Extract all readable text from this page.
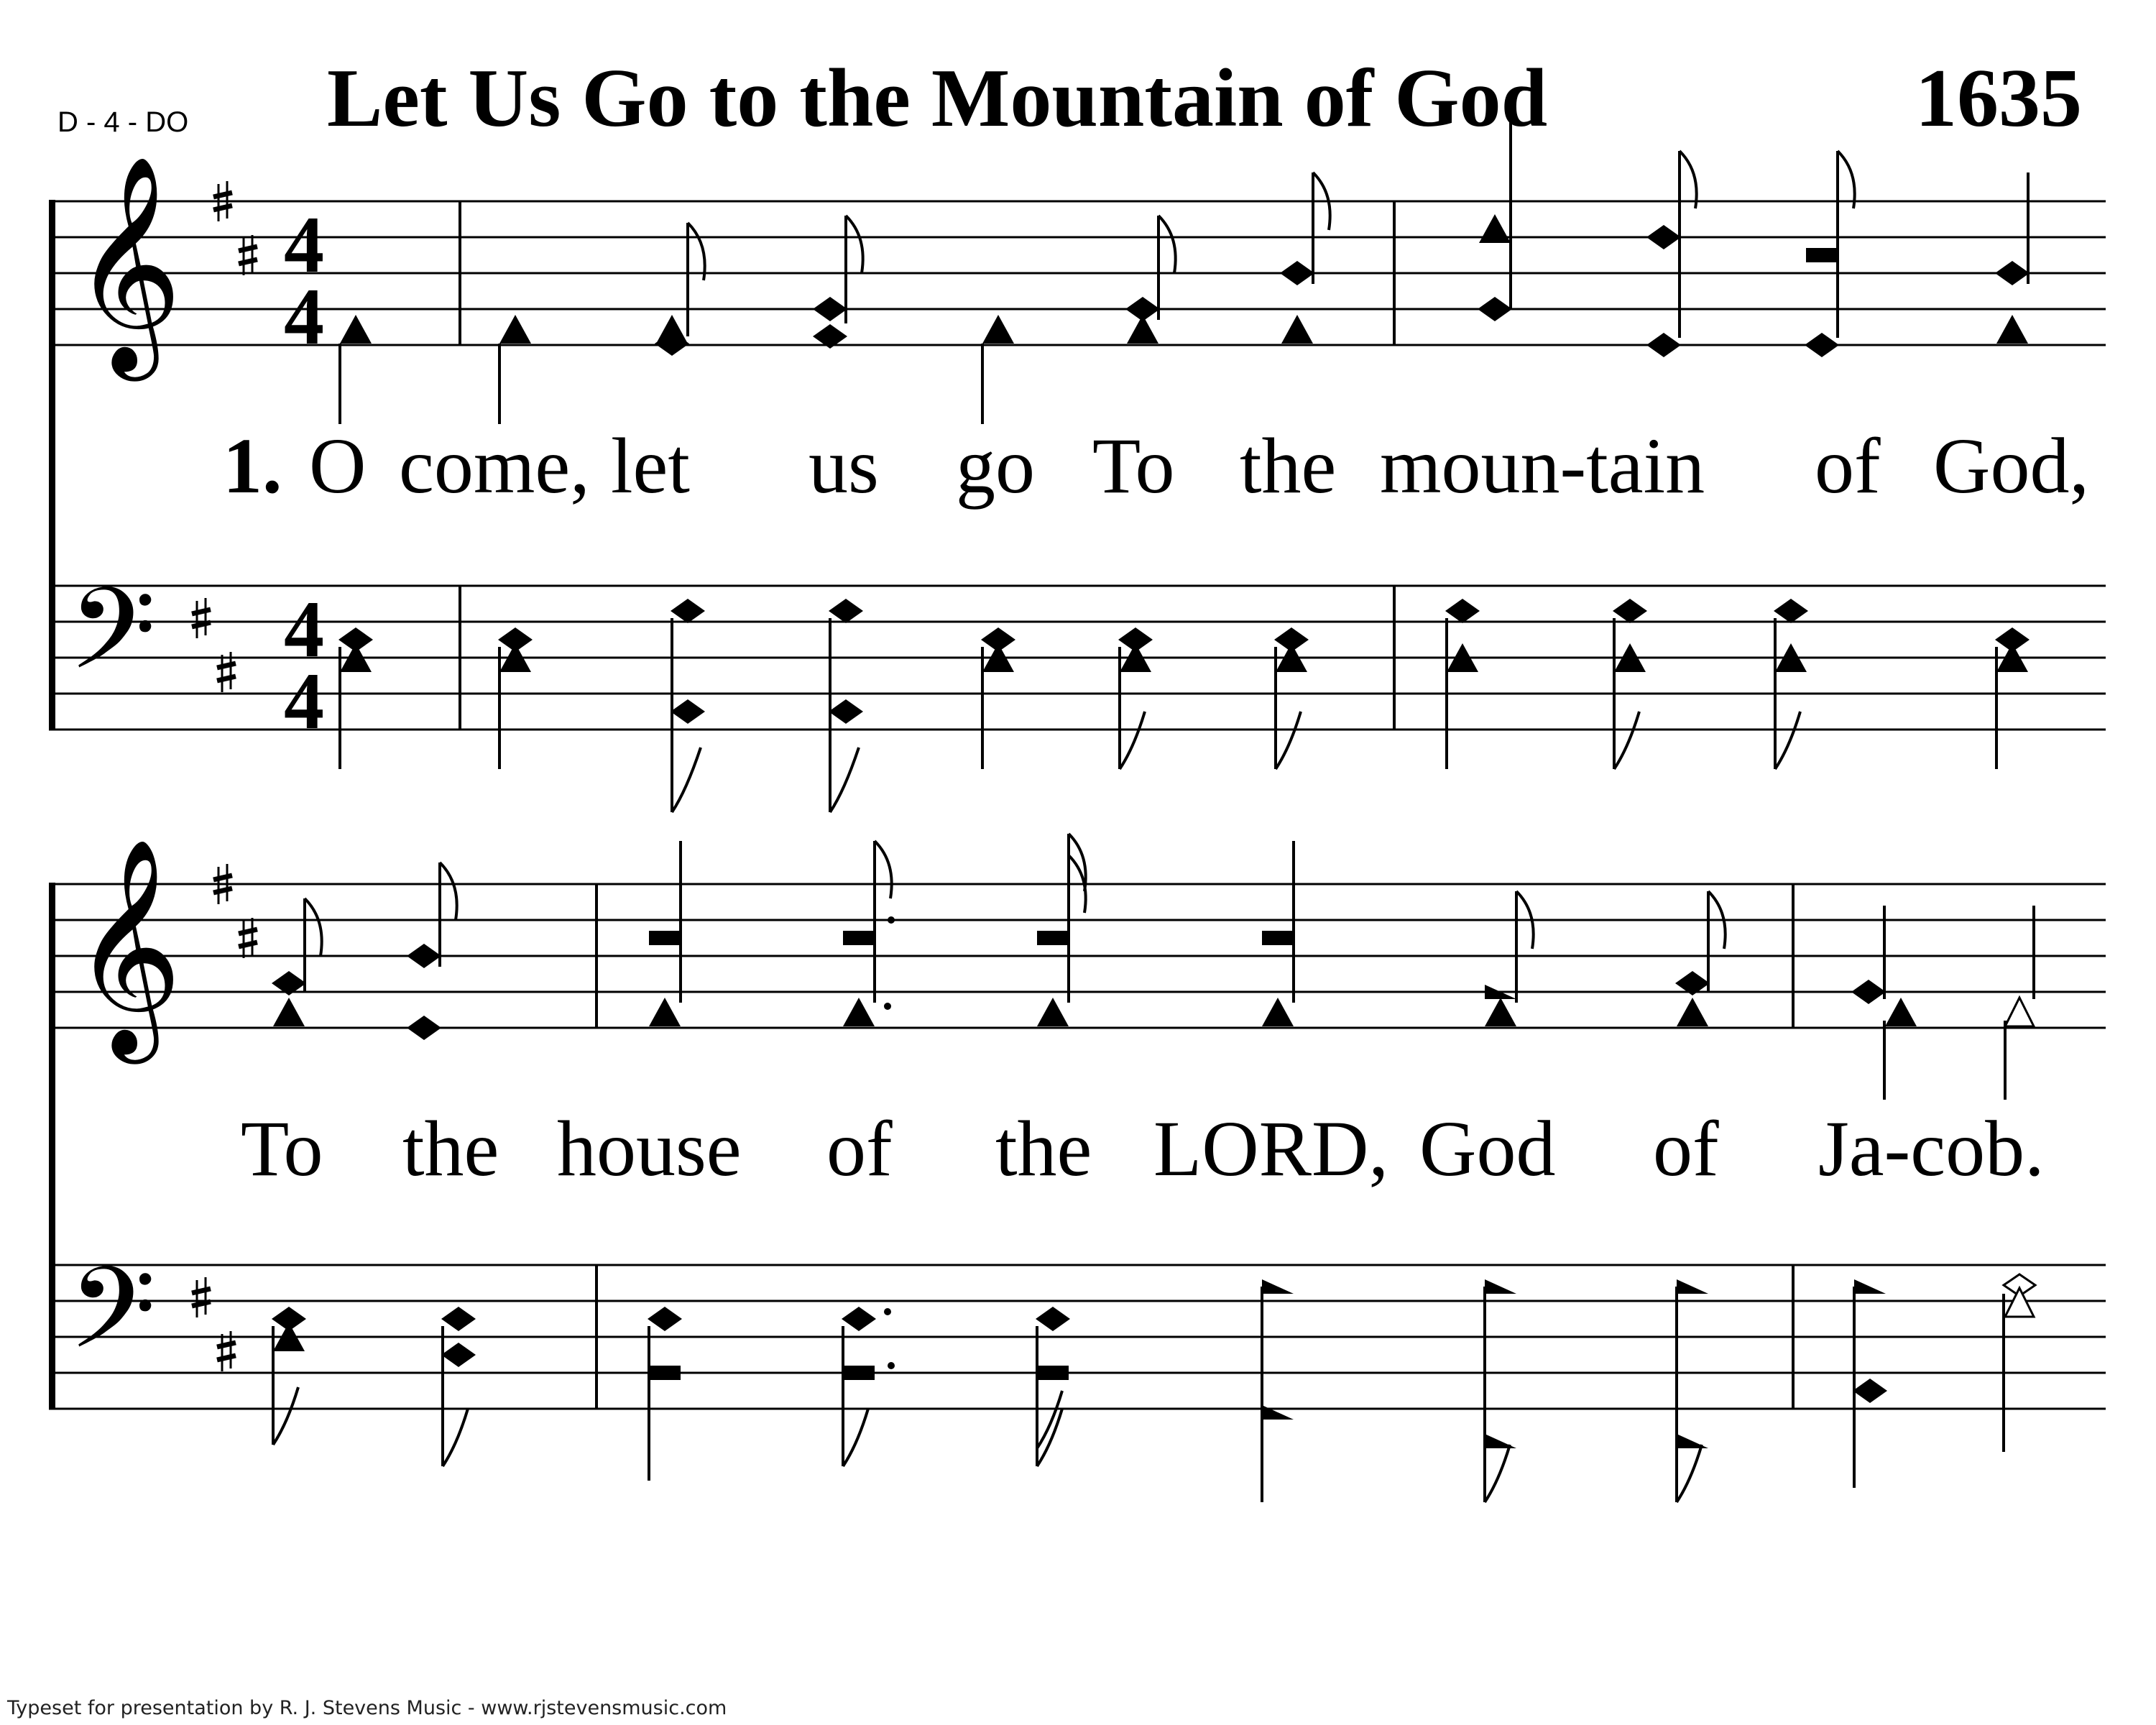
D - 4 - DO Let Us Go to the Mountain of God	1635
𝄞 4
4
1. O come, let us go To the moun-tain of God,
𝄢 4
4
𝄞
To the house of the LORD, God of Ja-cob.
𝄢
Typeset for presentation by R. J. Stevens Music - www.rjstevensmusic.com
